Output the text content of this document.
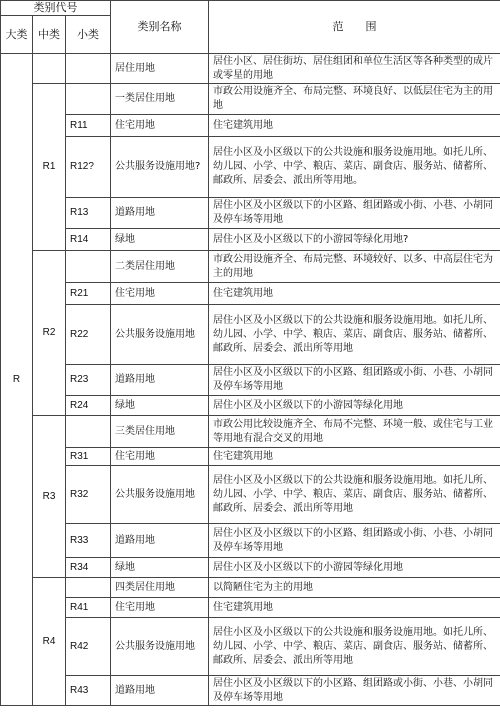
类别代号			类别名称	范　　围
大类	中类	小类		
R			居住用地	居住小区、居住街坊、居住组团和单位生活区等各种类型的成片或零星的用地
	R1		一类居住用地	市政公用设施齐全、布局完整、环境良好、以低层住宅为主的用地
		R11	住宅用地	住宅建筑用地
		R12?	公共服务设施用地?	居住小区及小区级以下的公共设施和服务设施用地。如托儿所、幼儿园、小学、中学、粮店、菜店、副食店、服务站、储蓄所、邮政所、居委会、派出所等用地。
		R13	道路用地	居住小区及小区级以下的小区路、组团路或小街、小巷、小胡同及停车场等用地
		R14	绿地	居住小区及小区级以下的小游园等绿化用地?
	R2		二类居住用地	市政公用设施齐全、布局完整、环境较好、以多、中高层住宅为主的用地
		R21	住宅用地	住宅建筑用地
		R22	公共服务设施用地	居住小区及小区级以下的公共设施和服务设施用地。如托儿所、幼儿园、小学、中学、粮店、菜店、副食店、服务站、储蓄所、邮政所、居委会、派出所等用地
		R23	道路用地	居住小区及小区级以下的小区路、组团路或小街、小巷、小胡同及停车场等用地
		R24	绿地	居住小区及小区级以下的小游园等绿化用地
	R3		三类居住用地	市政公用比较设施齐全、布局不完整、环境一般、或住宅与工业等用地有混合交叉的用地
		R31	住宅用地	住宅建筑用地
		R32	公共服务设施用地	居住小区及小区级以下的公共设施和服务设施用地。如托儿所、幼儿园、小学、中学、粮店、菜店、副食店、服务站、储蓄所、邮政所、居委会、派出所等用地
		R33	道路用地	居住小区及小区级以下的小区路、组团路或小街、小巷、小胡同及停车场等用地
		R34	绿地	居住小区及小区级以下的小游园等绿化用地
	R4		四类居住用地	以简陋住宅为主的用地
		R41	住宅用地	住宅建筑用地
		R42	公共服务设施用地	居住小区及小区级以下的公共设施和服务设施用地。如托儿所、幼儿园、小学、中学、粮店、菜店、副食店、服务站、储蓄所、邮政所、居委会、派出所等用地
		R43	道路用地	居住小区及小区级以下的小区路、组团路或小街、小巷、小胡同及停车场等用地
